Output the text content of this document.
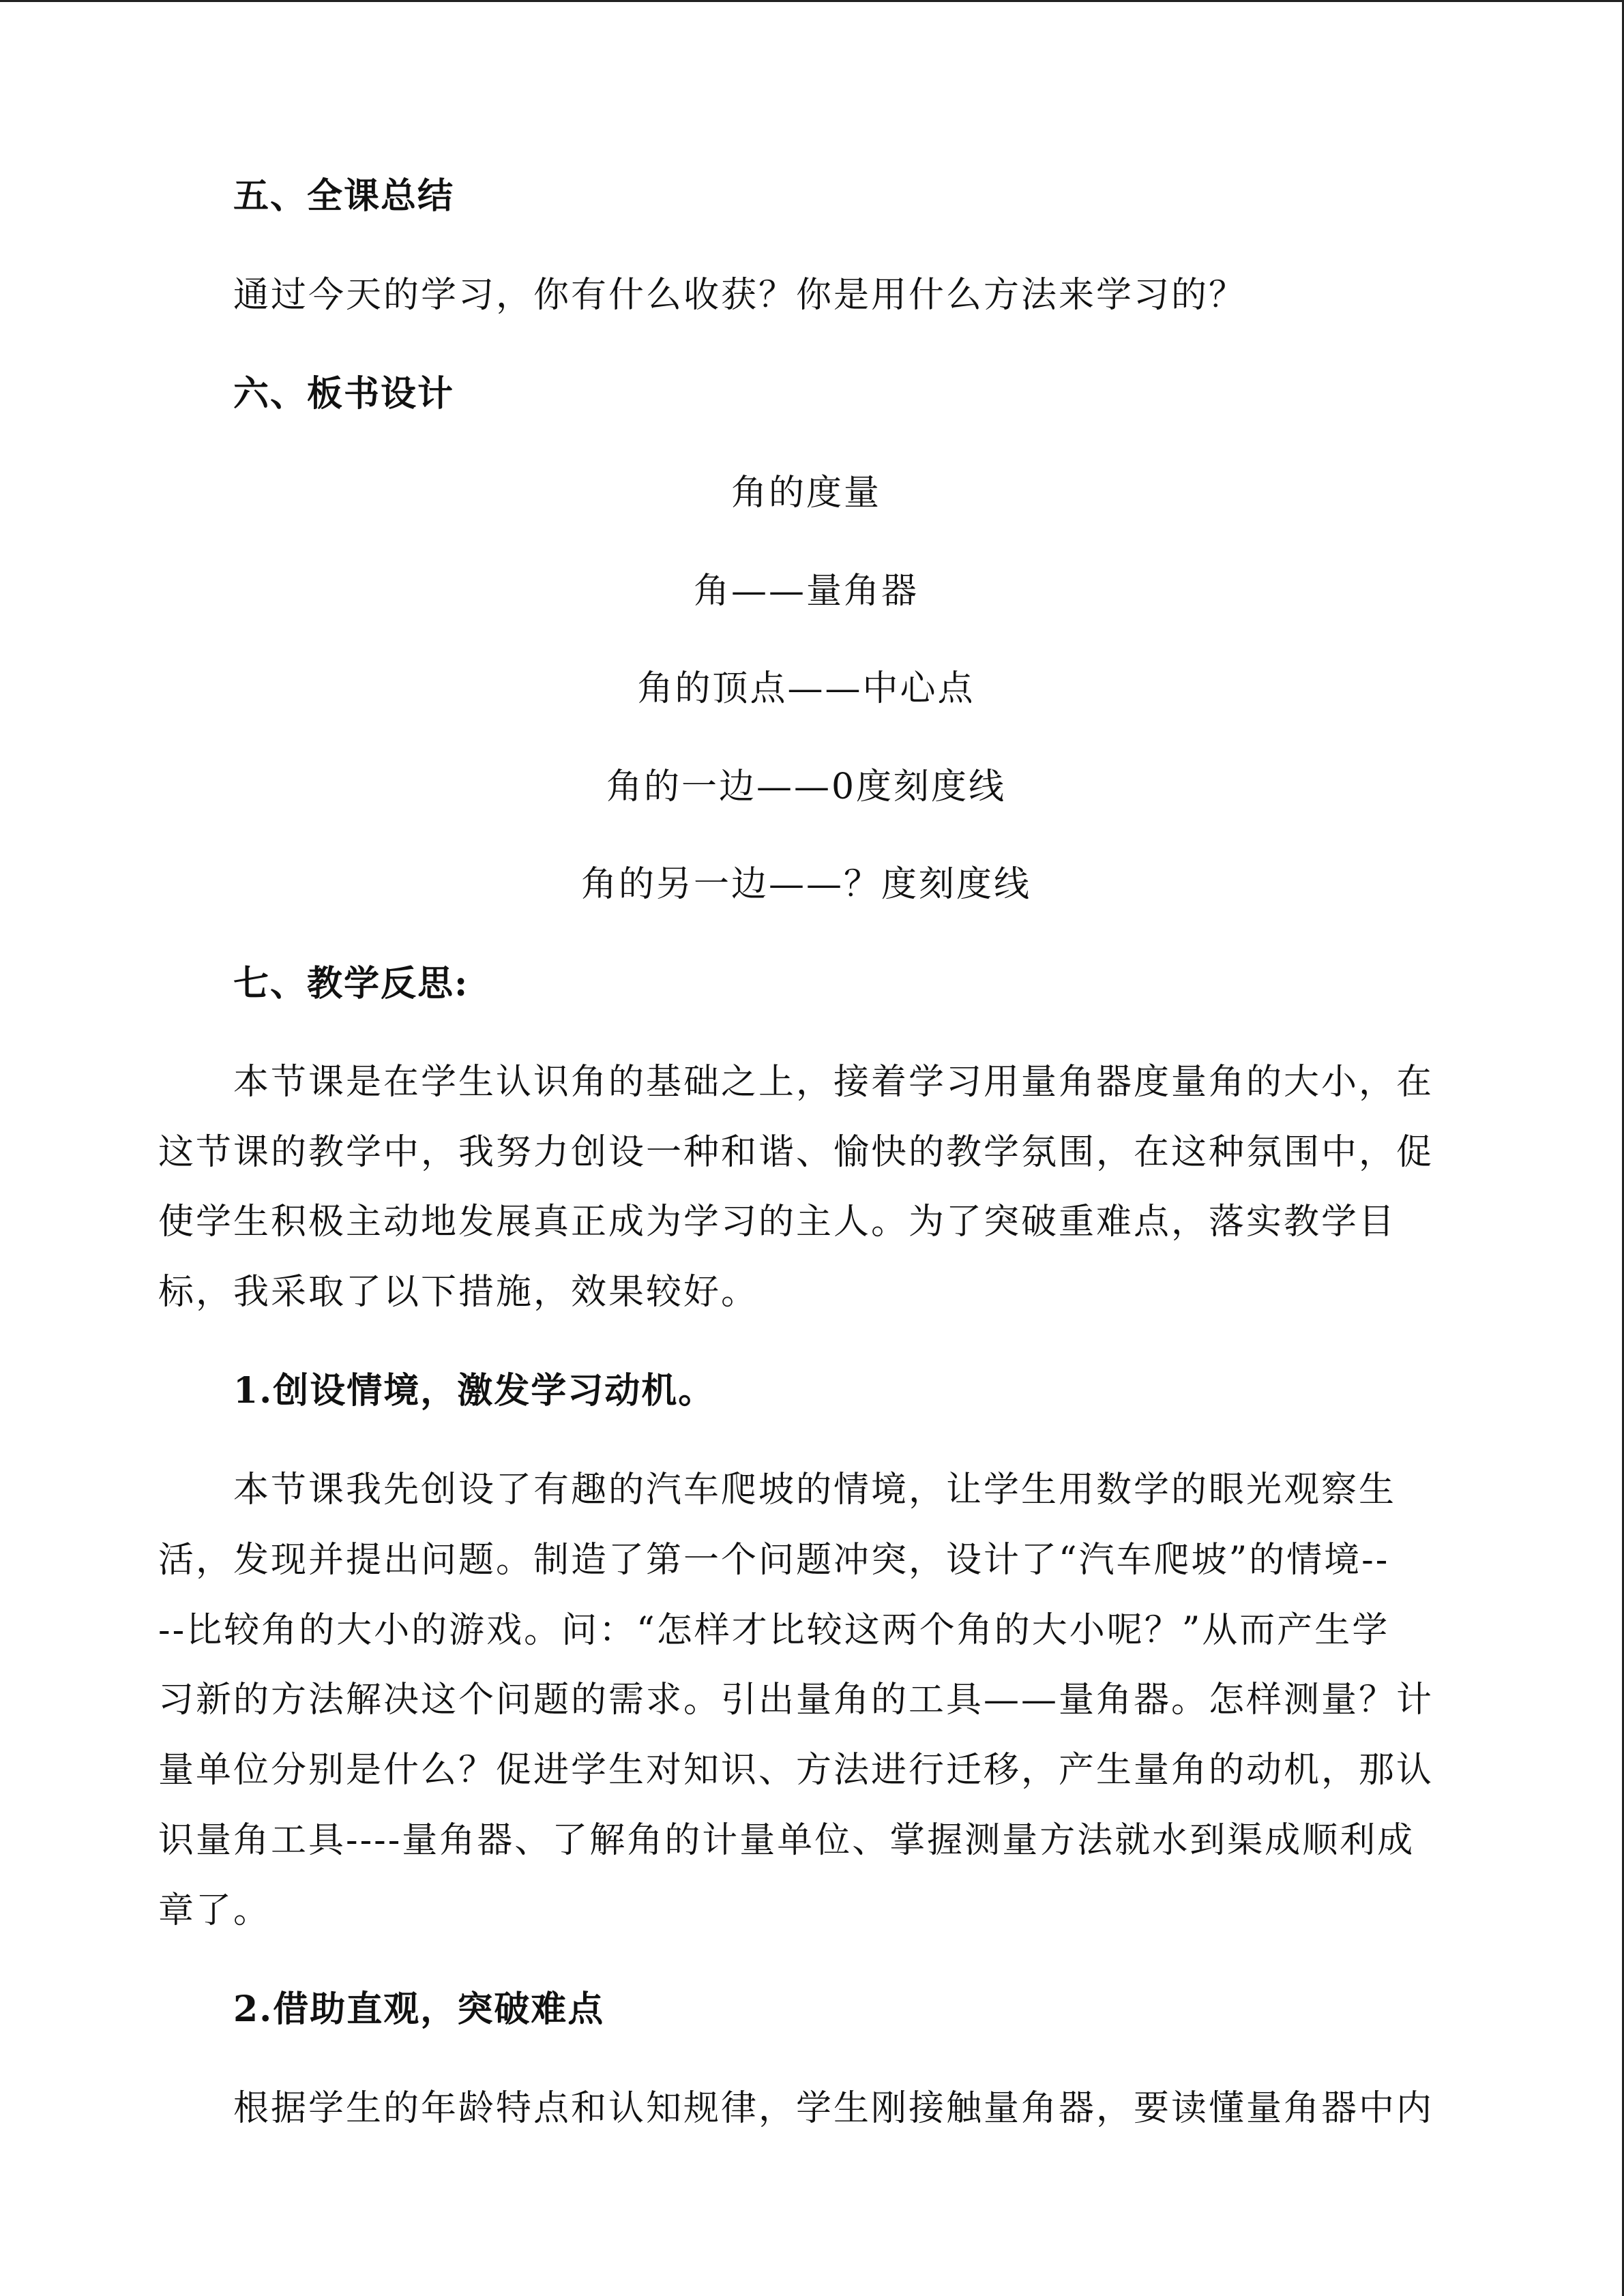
五、全课总结
通过今天的学习，你有什么收获？你是用什么方法来学习的？
六、板书设计
角的度量
角——量角器
角的顶点——中心点
角的一边——0度刻度线
角的另一边——？度刻度线
七、教学反思:
本节课是在学生认识角的基础之上，接着学习用量角器度量角的大小，在
这节课的教学中，我努力创设一种和谐、愉快的教学氛围，在这种氛围中，促
使学生积极主动地发展真正成为学习的主人。为了突破重难点，落实教学目
标，我采取了以下措施，效果较好。
1.创设情境，激发学习动机。
本节课我先创设了有趣的汽车爬坡的情境，让学生用数学的眼光观察生
活，发现并提出问题。制造了第一个问题冲突，设计了“汽车爬坡”的情境--
--比较角的大小的游戏。问：“怎样才比较这两个角的大小呢？”从而产生学
习新的方法解决这个问题的需求。引出量角的工具——量角器。怎样测量？计
量单位分别是什么？促进学生对知识、方法进行迁移，产生量角的动机，那认
识量角工具----量角器、了解角的计量单位、掌握测量方法就水到渠成顺利成
章了。
2.借助直观，突破难点
根据学生的年龄特点和认知规律，学生刚接触量角器，要读懂量角器中内
